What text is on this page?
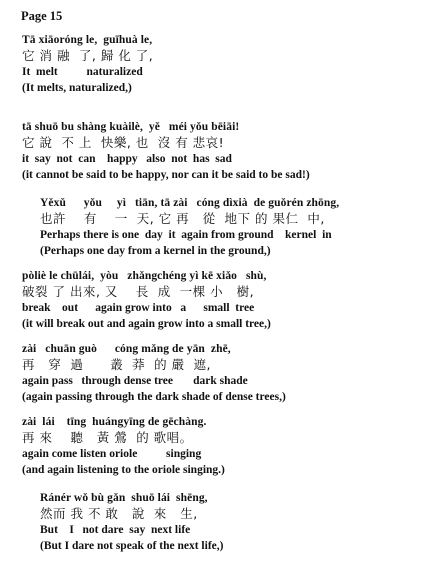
Page 15
Tā xiāoróng le,  guīhuà le,
它 消 融  了, 歸 化 了,
It  melt          naturalized
(It melts, naturalized,)
tā shuō bu shàng kuàilè,  yě   méi yǒu bēiāi!
它 說  不 上  快樂, 也  沒 有 悲哀!
it  say  not  can    happy   also  not  has  sad
(it cannot be said to be happy, nor can it be said to be sad!)
Yěxǔ      yǒu     yì   tiān, tā zài   cóng dìxià  de guǒrén zhōng,
也許    有    一  天, 它 再   從  地下 的 果仁  中,
Perhaps there is one  day  it  again from ground    kernel  in
(Perhaps one day from a kernel in the ground,)
pòliè le chūlái,  yòu   zhǎngchéng yì kē xiǎo   shù,
破裂 了 出來, 又    長  成  一棵 小   樹,
break    out      again grow into   a      small  tree
(it will break out and again grow into a small tree,)
zài   chuān guò      cóng mǎng de yān  zhē,
再   穿  過      叢  莽  的 嚴  遮,
again pass   through dense tree       dark shade
(again passing through the dark shade of dense trees,)
zài  lái    tīng  huángyīng de gēchàng.
再 來    聽   黃 鶯  的 歌唱。
again come listen oriole          singing
(and again listening to the oriole singing.)
Ránér wǒ bù gǎn  shuō lái  shēng,
然而 我 不 敢   說  來   生,
But    I   not dare  say  next life
(But I dare not speak of the next life,)
